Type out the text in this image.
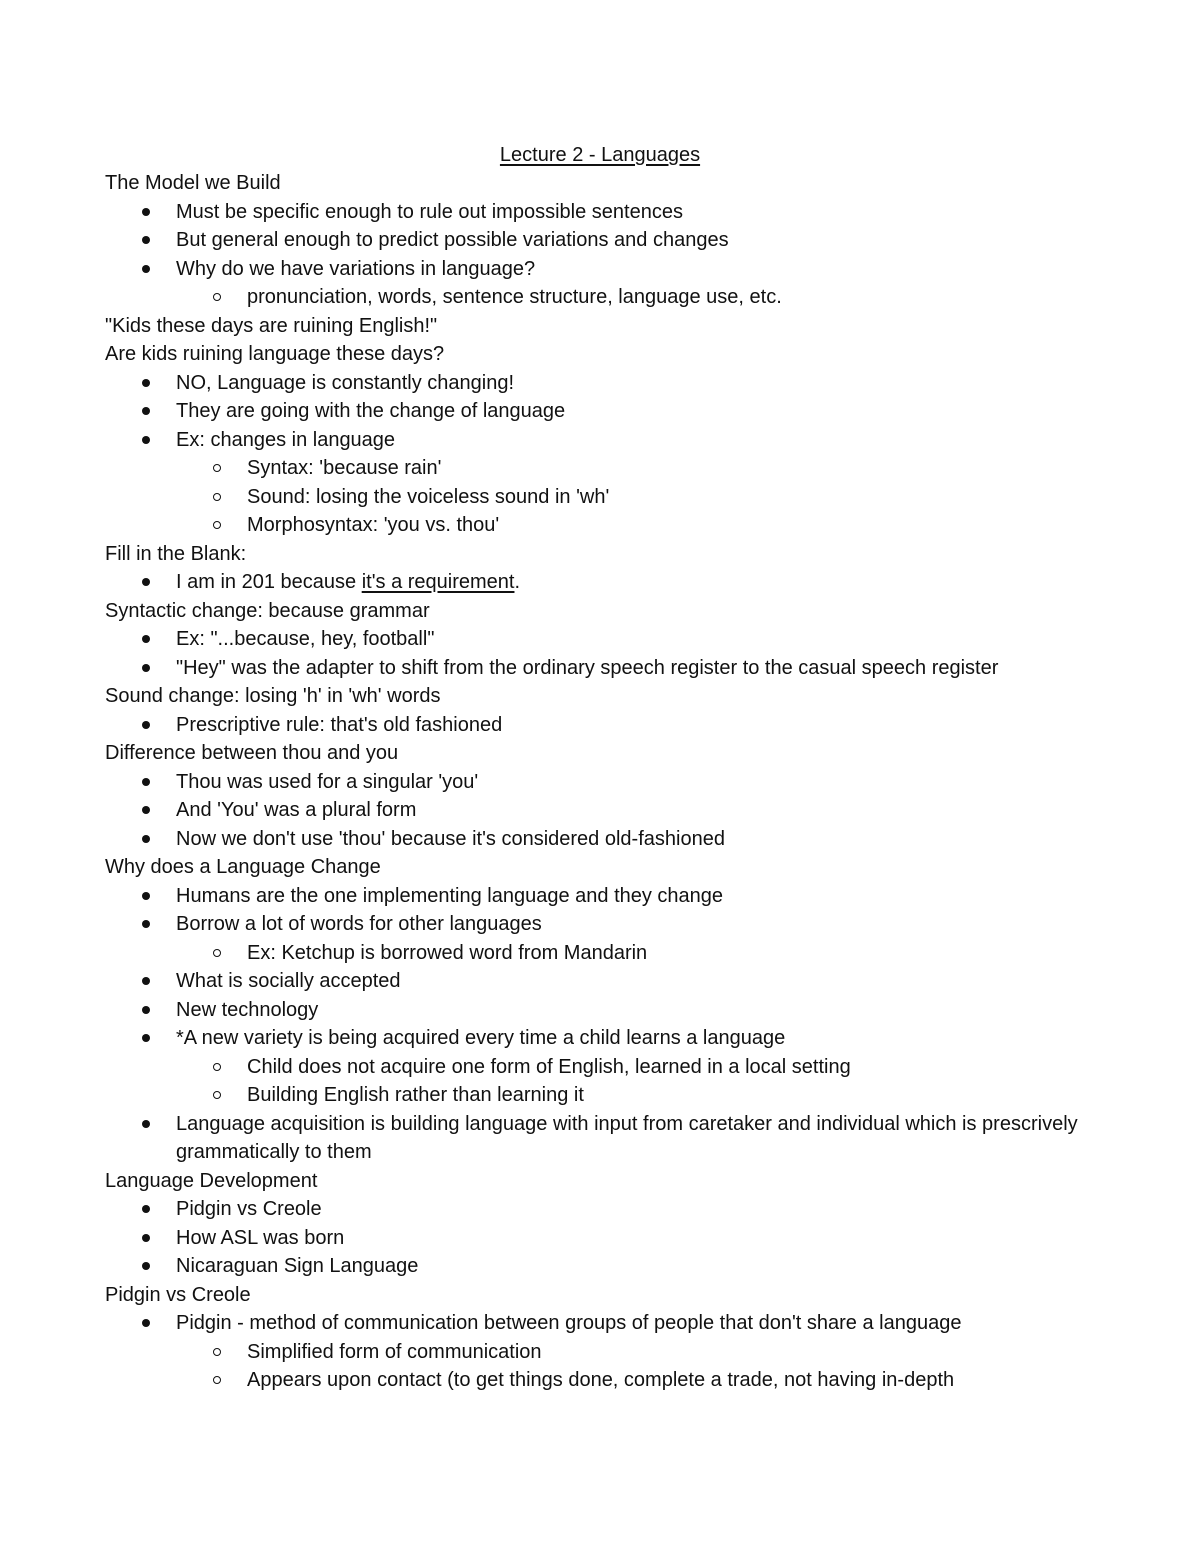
Lecture 2 - Languages
The Model we Build
Must be specific enough to rule out impossible sentences
But general enough to predict possible variations and changes
Why do we have variations in language?
pronunciation, words, sentence structure, language use, etc.
"Kids these days are ruining English!"
Are kids ruining language these days?
NO, Language is constantly changing!
They are going with the change of language
Ex: changes in language
Syntax: 'because rain'
Sound: losing the voiceless sound in 'wh'
Morphosyntax: 'you vs. thou'
Fill in the Blank:
I am in 201 because it's a requirement.
Syntactic change: because grammar
Ex: "...because, hey, football"
"Hey" was the adapter to shift from the ordinary speech register to the casual speech register
Sound change: losing 'h' in 'wh' words
Prescriptive rule: that's old fashioned
Difference between thou and you
Thou was used for a singular 'you'
And 'You' was a plural form
Now we don't use 'thou' because it's considered old-fashioned
Why does a Language Change
Humans are the one implementing language and they change
Borrow a lot of words for other languages
Ex: Ketchup is borrowed word from Mandarin
What is socially accepted
New technology
*A new variety is being acquired every time a child learns a language
Child does not acquire one form of English, learned in a local setting
Building English rather than learning it
Language acquisition is building language with input from caretaker and individual which is prescrively grammatically to them
Language Development
Pidgin vs Creole
How ASL was born
Nicaraguan Sign Language
Pidgin vs Creole
Pidgin - method of communication between groups of people that don't share a language
Simplified form of communication
Appears upon contact (to get things done, complete a trade, not having in-depth
